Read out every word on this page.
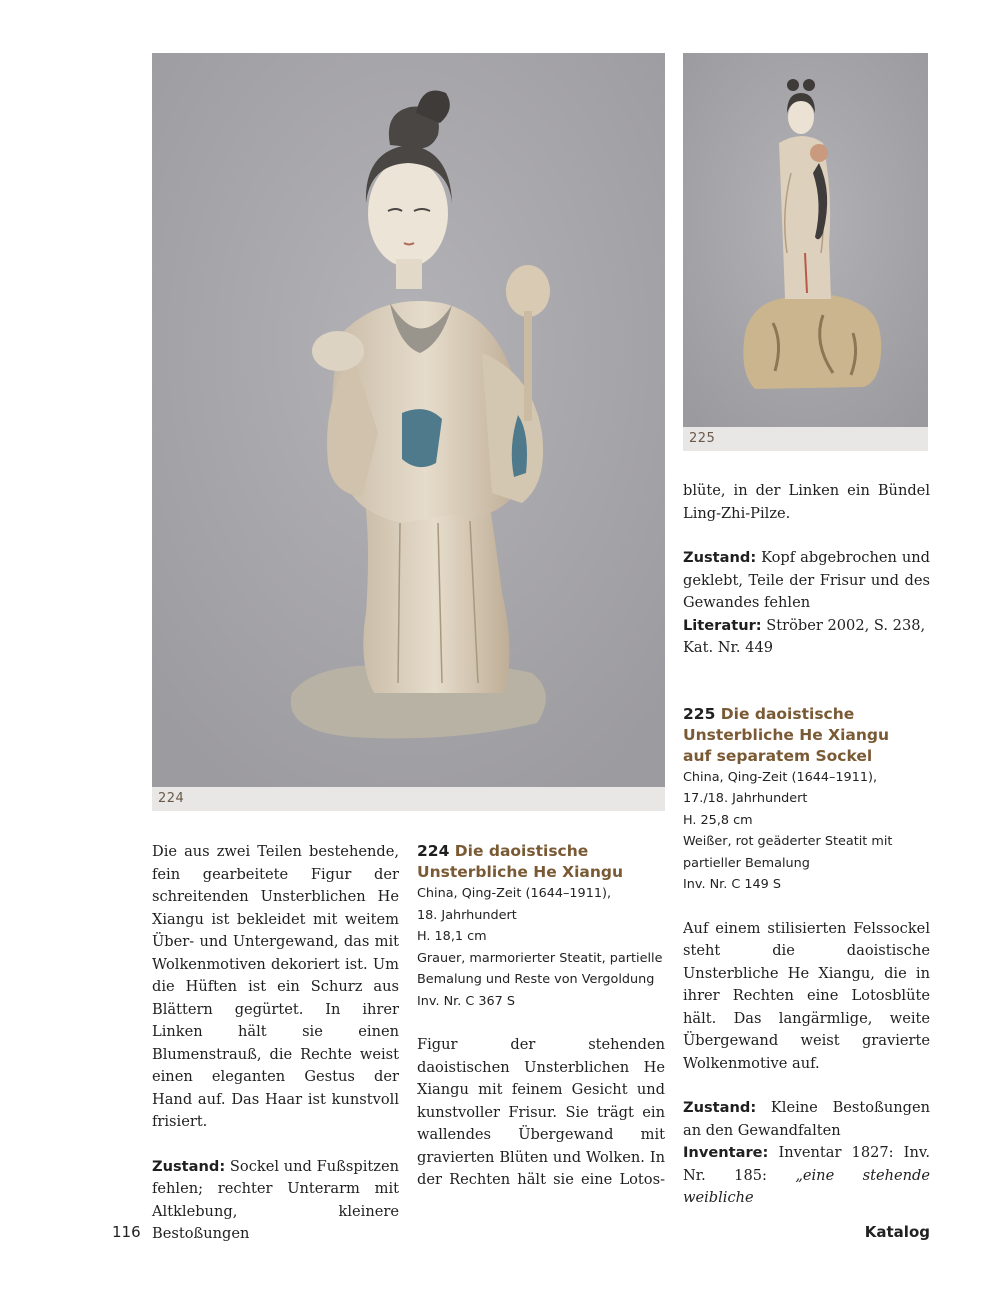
224
225
blüte, in der Linken ein Bündel
Ling-Zhi-Pilze.

Zustand: Kopf abgebrochen und geklebt, Teile der Frisur und des Gewandes fehlen

Literatur: Ströber 2002, S. 238, Kat. Nr. 449

225 Die daoistische
Unsterbliche He Xiangu
auf separatem Sockel
China, Qing-Zeit (1644–1911),
17./18. Jahrhundert
H. 25,8 cm
Weißer, rot geäderter Steatit mit
partieller Bemalung
Inv. Nr. C 149 S

Auf einem stilisierten Felssockel steht die daoistische Unsterbliche He Xiangu, die in ihrer Rechten eine Lotosblüte hält. Das langärmlige, weite Übergewand weist gravierte Wolkenmotive auf.

Zustand: Kleine Bestoßungen an den Gewandfalten

Inventare: Inventar 1827: Inv. Nr. 185: „eine stehende weibliche

Die aus zwei Teilen bestehende, fein gearbeitete Figur der schreitenden Unsterblichen He Xiangu ist bekleidet mit weitem Über- und Untergewand, das mit Wolkenmotiven dekoriert ist. Um die Hüften ist ein Schurz aus Blättern gegürtet. In ihrer Linken hält sie einen Blumenstrauß, die Rechte weist einen eleganten Gestus der Hand auf. Das Haar ist kunstvoll frisiert.

Zustand: Sockel und Fußspitzen fehlen; rechter Unterarm mit Altklebung, kleinere Bestoßungen

224 Die daoistische
Unsterbliche He Xiangu
China, Qing-Zeit (1644–1911),
18. Jahrhundert
H. 18,1 cm
Grauer, marmorierter Steatit, partielle
Bemalung und Reste von Vergoldung
Inv. Nr. C 367 S

Figur der stehenden daoistischen Unsterblichen He Xiangu mit feinem Gesicht und kunstvoller Frisur. Sie trägt ein wallendes Übergewand mit gravierten Blüten und Wolken. In der Rechten hält sie eine Lotos-

116	Katalog
